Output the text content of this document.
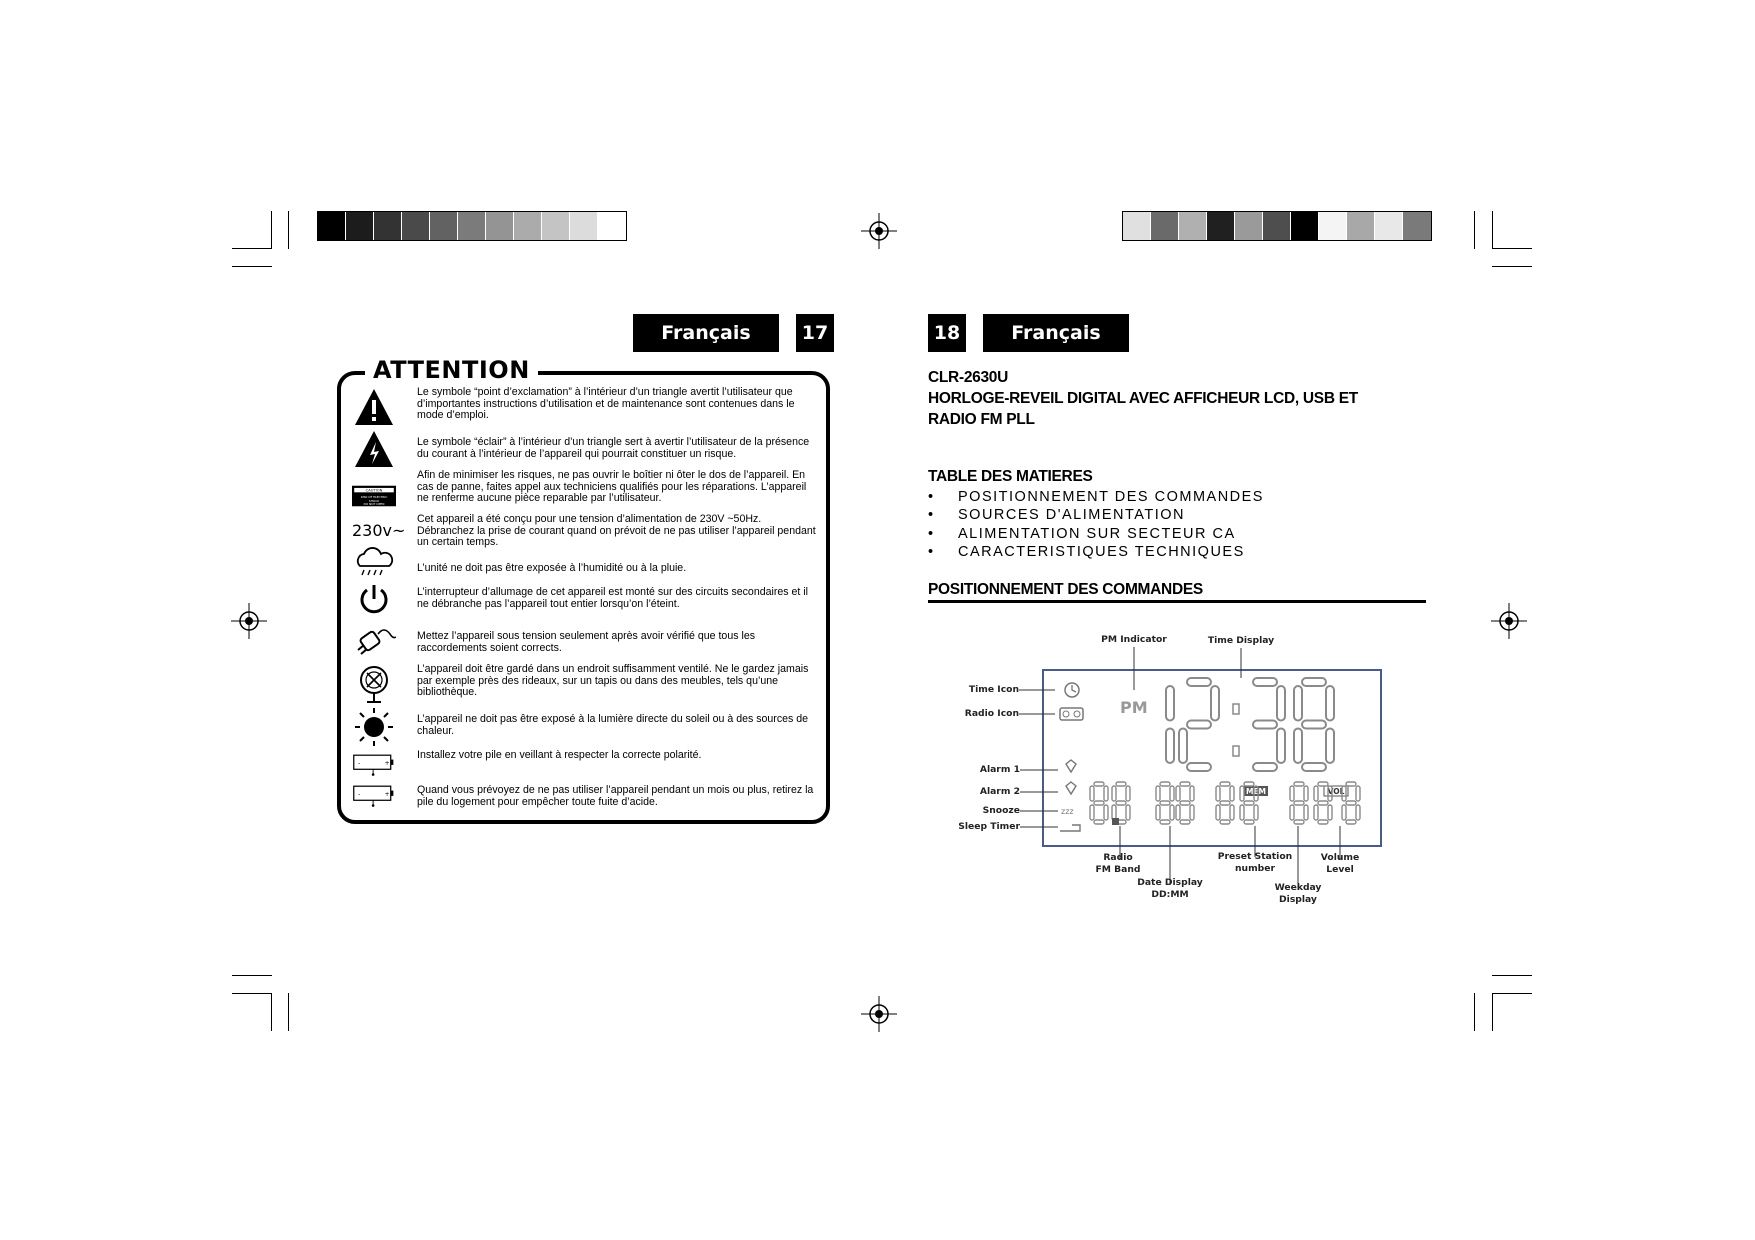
Français	17
ATTENTION
CAUTION
RISK OF ELECTRIC
SHOCK
DO NOT OPEN
230v~
-	+
-	+
Le symbole “point d’exclamation” à l’intérieur d’un triangle avertit l’utilisateur que d’importantes instructions d’utilisation et de maintenance sont contenues dans le mode d’emploi.
Le symbole “éclair” à l’intérieur d’un triangle sert à avertir l’utilisateur de la présence du courant à l’intérieur de l’appareil qui pourrait constituer un risque.
Afin de minimiser les risques, ne pas ouvrir le boîtier ni ôter le dos de l’appareil. En cas de panne, faites appel aux techniciens qualifiés pour les réparations. L’appareil ne renferme aucune pièce reparable par l’utilisateur.
Cet appareil a été conçu pour une tension d’alimentation de 230V ~50Hz. Débranchez la prise de courant quand on prévoit de ne pas utiliser l’appareil pendant un certain temps.
L’unité ne doit pas être exposée à l’humidité ou à la pluie.
L’interrupteur d’allumage de cet appareil est monté sur des circuits secondaires et il ne débranche pas l’appareil tout entier lorsqu’on l’éteint.
Mettez l’appareil sous tension seulement après avoir vérifié que tous les raccordements soient corrects.
L’appareil doit être gardé dans un endroit suffisamment ventilé. Ne le gardez jamais par exemple près des rideaux, sur un tapis ou dans des meubles, tels qu’une bibliothèque.
L’appareil ne doit pas être exposé à la lumière directe du soleil ou à des sources de chaleur.
Installez votre pile en veillant à respecter la correcte polarité.
Quand vous prévoyez de ne pas utiliser l’appareil pendant un mois ou plus, retirez la pile du logement pour empêcher toute fuite d’acide.
18	Français
CLR-2630U
HORLOGE-REVEIL DIGITAL AVEC AFFICHEUR LCD, USB ET
RADIO FM PLL
TABLE DES MATIERES
• POSITIONNEMENT DES COMMANDES
• SOURCES D'ALIMENTATION
• ALIMENTATION SUR SECTEUR CA
• CARACTERISTIQUES TECHNIQUES
POSITIONNEMENT DES COMMANDES
zzz
PM
MEM	VOL
PM Indicator	Time Display
Time Icon
Radio Icon
Alarm 1
Alarm 2
Snooze
Sleep Timer
Radio
FM Band
Date Display
DD:MM
Preset Station
number
Weekday
Display
Volume
Level
